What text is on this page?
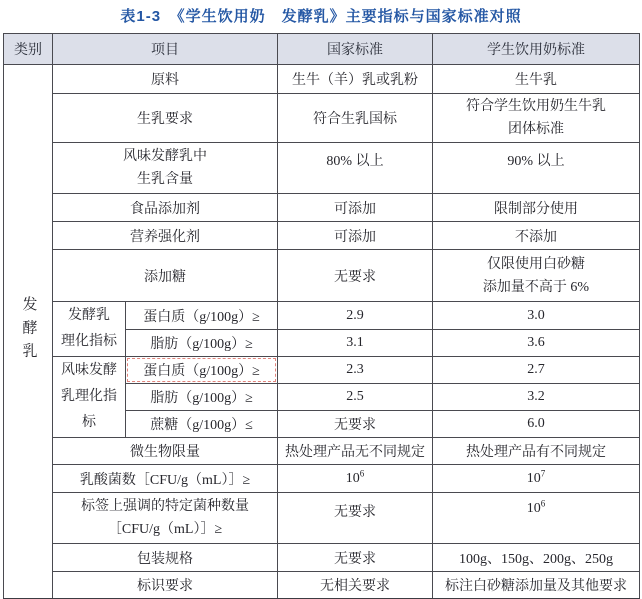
表1-3　《学生饮用奶　发酵乳》主要指标与国家标准对照
类别	项目		国家标准	学生饮用奶标准

发酵乳	原料		生牛（羊）乳或乳粉	生牛乳
	生乳要求		符合生乳国标	符合学生饮用奶生牛乳
团体标准

	风味发酵乳中
生乳含量		80% 以上	90% 以上
	食品添加剂		可添加	限制部分使用
	营养强化剂		可添加	不添加
	添加糖		无要求	仅限使用白砂糖
添加量不高于 6%

	发酵乳
理化指标	蛋白质（g/100g）≥	2.9	3.0
		脂肪（g/100g）≥	3.1	3.6

	风味发酵
乳理化指
标	蛋白质（g/100g）≥	2.3	2.7
		脂肪（g/100g）≥	2.5	3.2
		蔗糖（g/100g）≤	无要求	6.0
	微生物限量		热处理产品无不同规定	热处理产品有不同规定
	乳酸菌数［CFU/g（mL）］≥		$10^6$	$10^7$

	标签上强调的特定菌种数量
［CFU/g（mL）］≥		无要求	$10^6$
	包装规格		无要求	100g、150g、200g、250g
	标识要求		无相关要求	标注白砂糖添加量及其他要求
